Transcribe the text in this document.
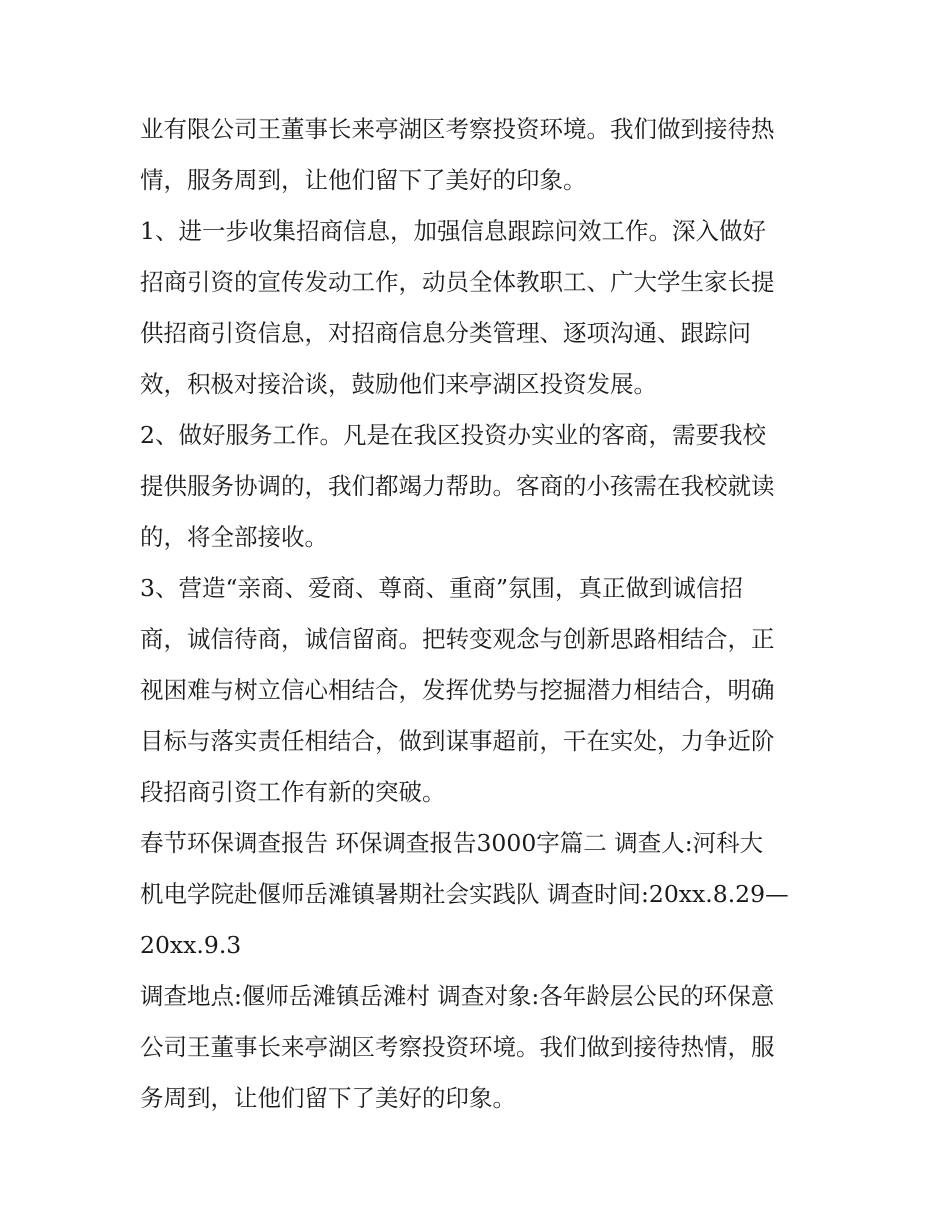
业有限公司王董事长来亭湖区考察投资环境。我们做到接待热
情，服务周到，让他们留下了美好的印象。
1、进一步收集招商信息，加强信息跟踪问效工作。深入做好
招商引资的宣传发动工作，动员全体教职工、广大学生家长提
供招商引资信息，对招商信息分类管理、逐项沟通、跟踪问
效，积极对接洽谈，鼓励他们来亭湖区投资发展。
2、做好服务工作。凡是在我区投资办实业的客商，需要我校
提供服务协调的，我们都竭力帮助。客商的小孩需在我校就读
的，将全部接收。
3、营造“亲商、爱商、尊商、重商”氛围，真正做到诚信招
商，诚信待商，诚信留商。把转变观念与创新思路相结合，正
视困难与树立信心相结合，发挥优势与挖掘潜力相结合，明确
目标与落实责任相结合，做到谋事超前，干在实处，力争近阶
段招商引资工作有新的突破。
春节环保调查报告 环保调查报告3000字篇二 调查人:河科大
机电学院赴偃师岳滩镇暑期社会实践队 调查时间:20xx.8.29—
20xx.9.3
调查地点:偃师岳滩镇岳滩村 调查对象:各年龄层公民的环保意
公司王董事长来亭湖区考察投资环境。我们做到接待热情，服
务周到，让他们留下了美好的印象。
